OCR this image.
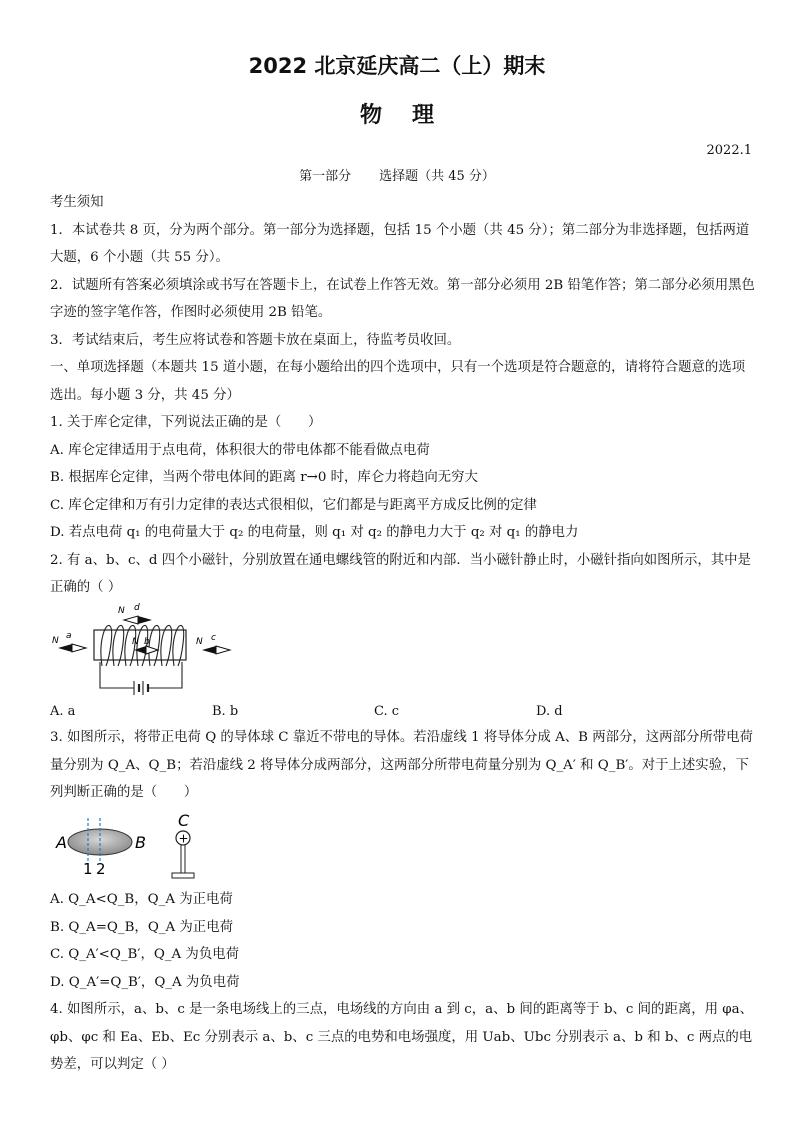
2022 北京延庆高二（上）期末
物理
2022.1
第一部分 选择题（共 45 分）

考生须知

1．本试卷共 8 页，分为两个部分。第一部分为选择题，包括 15 个小题（共 45 分）；第二部分为非选择题，包括两道大题，6 个小题（共 55 分）。

2．试题所有答案必须填涂或书写在答题卡上，在试卷上作答无效。第一部分必须用 2B 铅笔作答；第二部分必须用黑色字迹的签字笔作答，作图时必须使用 2B 铅笔。

3．考试结束后，考生应将试卷和答题卡放在桌面上，待监考员收回。

一、单项选择题（本题共 15 道小题，在每小题给出的四个选项中，只有一个选项是符合题意的，请将符合题意的选项选出。每小题 3 分，共 45 分）

1. 关于库仑定律，下列说法正确的是（　　）

A. 库仑定律适用于点电荷，体积很大的带电体都不能看做点电荷

B. 根据库仑定律，当两个带电体间的距离 r→0 时，库仑力将趋向无穷大

C. 库仑定律和万有引力定律的表达式很相似，它们都是与距离平方成反比例的定律

D. 若点电荷 q₁ 的电荷量大于 q₂ 的电荷量，则 q₁ 对 q₂ 的静电力大于 q₂ 对 q₁ 的静电力

2. 有 a、b、c、d 四个小磁针，分别放置在通电螺线管的附近和内部．当小磁针静止时，小磁针指向如图所示，其中是正确的（ ）

N a
N d
N b	N c
A. a	B. b	C. c	D. d

3. 如图所示，将带正电荷 Q 的导体球 C 靠近不带电的导体。若沿虚线 1 将导体分成 A、B 两部分，这两部分所带电荷量分别为 Q_A、Q_B；若沿虚线 2 将导体分成两部分，这两部分所带电荷量分别为 Q_A′ 和 Q_B′。对于上述实验，下列判断正确的是（　　）

A	B
1 2
C
+

A. Q_A<Q_B，Q_A 为正电荷

B. Q_A=Q_B，Q_A 为正电荷

C. Q_A′<Q_B′，Q_A 为负电荷

D. Q_A′=Q_B′，Q_A 为负电荷

4. 如图所示，a、b、c 是一条电场线上的三点，电场线的方向由 a 到 c，a、b 间的距离等于 b、c 间的距离，用 φa、φb、φc 和 Ea、Eb、Ec 分别表示 a、b、c 三点的电势和电场强度，用 Uab、Ubc 分别表示 a、b 和 b、c 两点的电势差，可以判定（ ）
